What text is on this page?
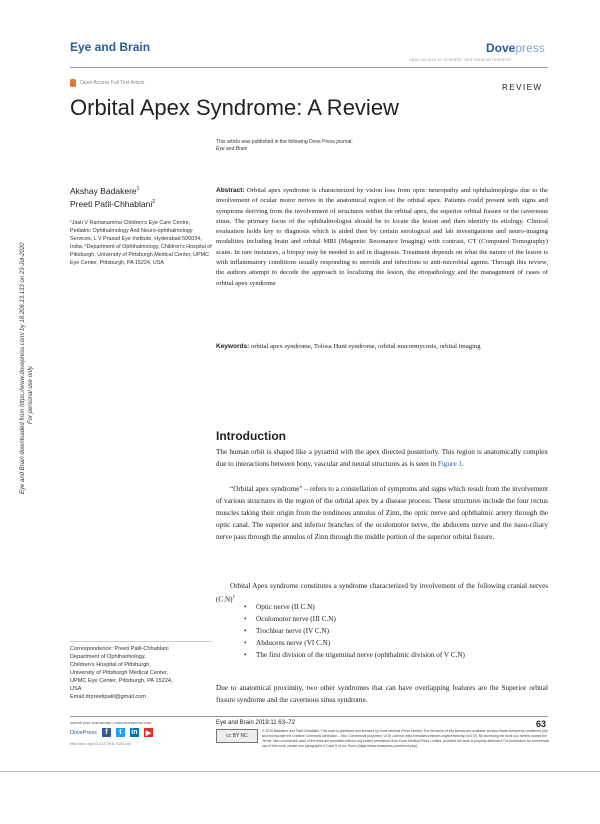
Eye and Brain	Dovepress
open access to scientific and medical research
Open Access Full Text Article	REVIEW
Orbital Apex Syndrome: A Review
This article was published in the following Dove Press journal:
Eye and Brain
Akshay Badakere$^1$
Preeti Patil-Chhablani$^2$
¹Jasti V Ramanamma Children's Eye Care Centre, Pediatric Ophthalmology And Neuro-ophthalmology Services, L V Prasad Eye Institute, Hyderabad 500034, India; ²Department of Ophthalmology, Children's Hospital of Pittsburgh, University of Pittsburgh Medical Center, UPMC Eye Center, Pittsburgh, PA 15224, USA
Abstract: Orbital apex syndrome is characterized by vision loss from optic neuropathy and ophthalmoplegia due to the involvement of ocular motor nerves in the anatomical region of the orbital apex. Patients could present with signs and symptoms deriving from the involvement of structures within the orbital apex, the superior orbital fissure or the cavernous sinus. The primary focus of the ophthalmologist should be to locate the lesion and then identify its etiology. Clinical evaluation holds key to diagnosis which is aided then by certain serological and lab investigations and neuro-imaging modalities including brain and orbital MRI (Magnetic Resonance Imaging) with contrast, CT (Computed Tomography) scans. In rare instances, a biopsy may be needed to aid in diagnosis. Treatment depends on what the nature of the lesion is with inflammatory conditions usually responding to steroids and infections to anti-microbial agents. Through this review, the authors attempt to decode the approach to localizing the lesion, the etiopathology and the management of cases of orbital apex syndrome
Keywords: orbital apex syndrome, Tolosa Hunt syndrome, orbital mucormycosis, orbital imaging
Introduction
The human orbit is shaped like a pyramid with the apex directed posteriorly. This region is anatomically complex due to interactions between bony, vascular and neural structures as is seen in Figure 1.

“Orbital apex syndrome” – refers to a constellation of symptoms and signs which result from the involvement of various structures in the region of the orbital apex by a disease process. These structures include the four rectus muscles taking their origin from the tendinous annulus of Zinn, the optic nerve and ophthalmic artery through the optic canal. The superior and inferior branches of the oculomotor nerve, the abducens nerve and the naso-ciliary nerve pass through the annulus of Zinn through the middle portion of the superior orbital fissure.

Orbital Apex syndrome constitutes a syndrome characterized by involvement of the following cranial nerves $(C.N)^1$

• Optic nerve (II C.N)
• Oculomotor nerve (III C.N)
• Trochlear nerve (IV C.N)
• Abducens nerve (VI C.N)
• The first division of the trigeminal nerve (ophthalmic division of V C.N)
Due to anatomical proximity, two other syndromes that can have overlapping features are the Superior orbital fissure syndrome and the cavernous sinus syndrome.
Correspondence: Preeti Patil-Chhablani
Department of Ophthalmology,
Children's Hospital of Pittsburgh,
University of Pittsburgh Medical Center,
UPMC Eye Center, Pittsburgh, PA 15224,
USA
Email drpreetipatil@gmail.com
submit your manuscript | www.dovepress.com
DovePress	f	t	in ▶
http://doi.org/10.2147/EB.S181190
Eye and Brain 2019:11 63–72	63
cc BY NC
© 2019 Badakere and Patil-Chhablani. This work is published and licensed by Dove Medical Press Limited. The full terms of this license are available at https://www.dovepress.com/terms.php and incorporate the Creative Commons Attribution – Non Commercial (unported, v3.0) License (http://creativecommons.org/licenses/by-nc/3.0/). By accessing the work you hereby accept the Terms. Non-commercial uses of the work are permitted without any further permission from Dove Medical Press Limited, provided the work is properly attributed. For permission for commercial use of this work, please see paragraphs 4.2 and 5 of our Terms (https://www.dovepress.com/terms.php).
Eye and Brain downloaded from https://www.dovepress.com/ by 18.206.13.133 on 23-Jul-2020 For personal use only.
